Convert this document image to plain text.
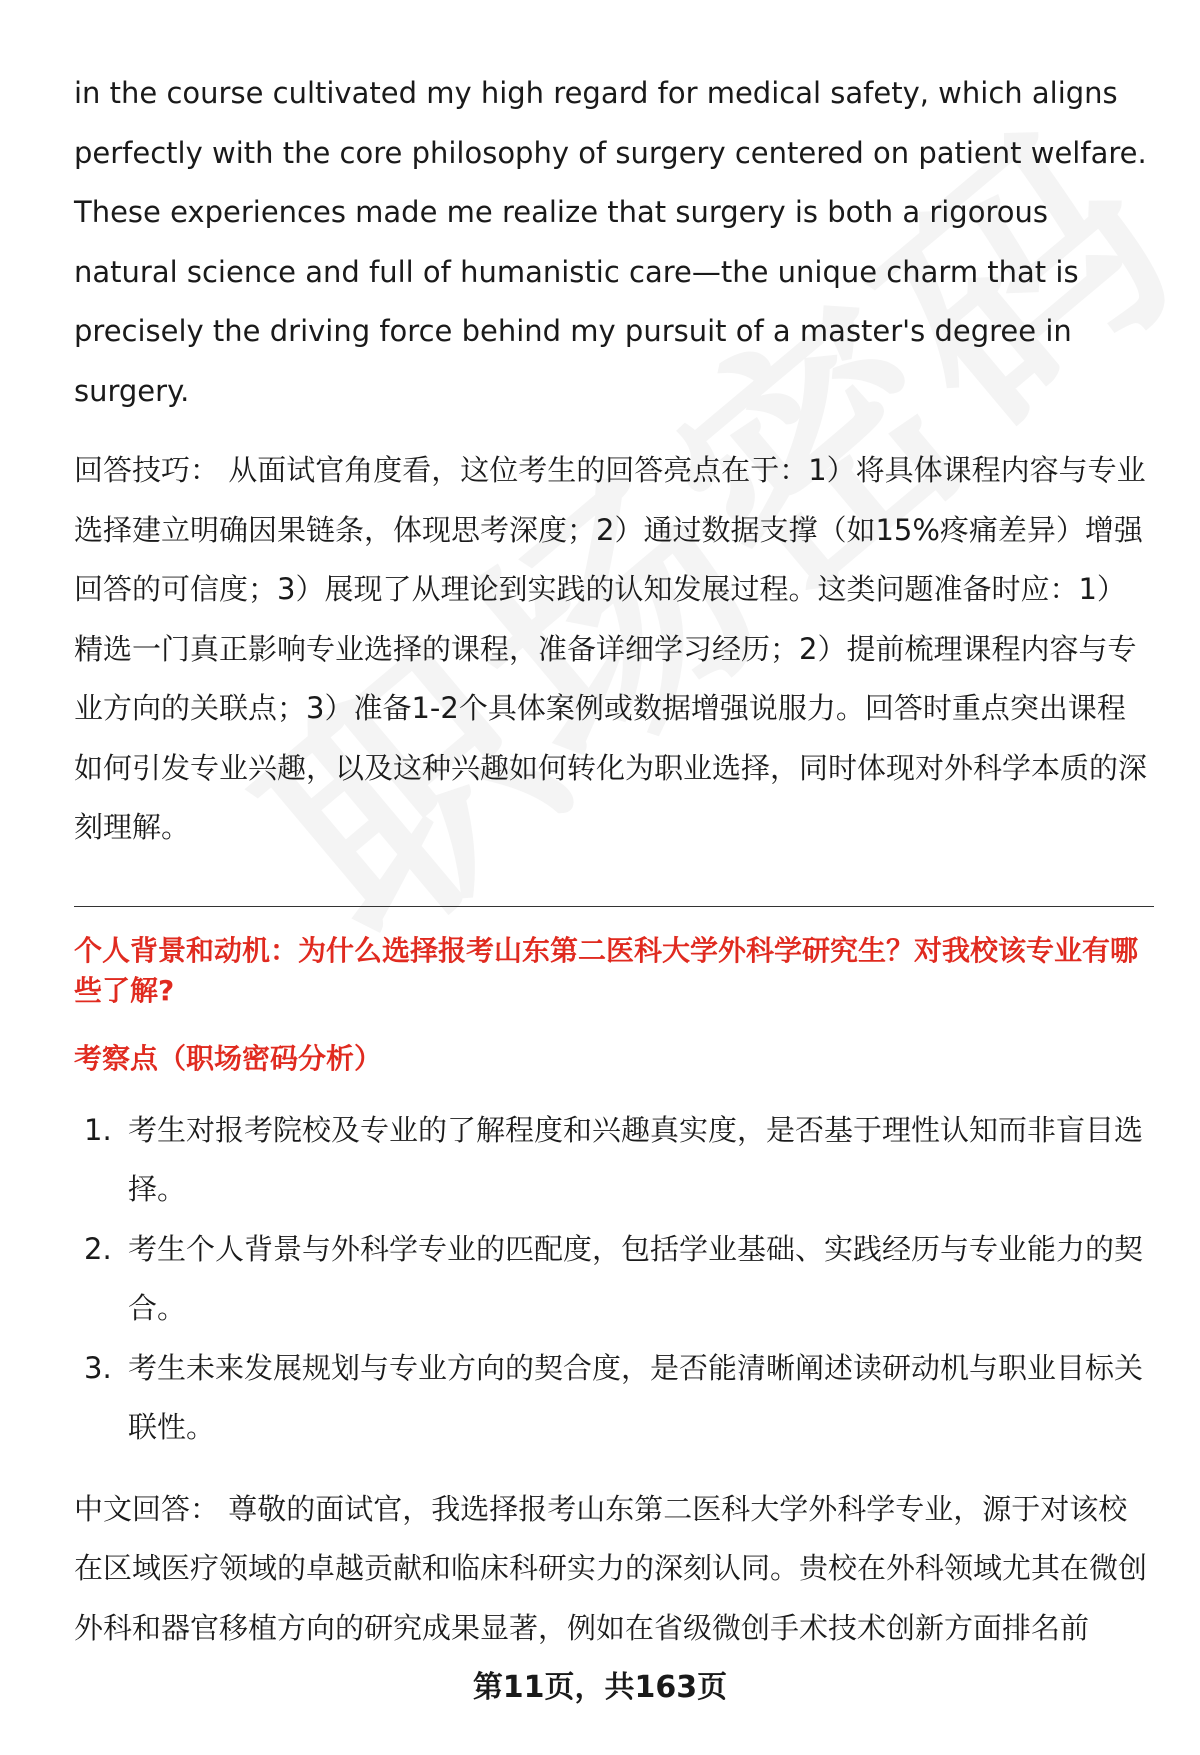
in the course cultivated my high regard for medical safety, which aligns perfectly with the core philosophy of surgery centered on patient welfare. These experiences made me realize that surgery is both a rigorous natural science and full of humanistic care—the unique charm that is precisely the driving force behind my pursuit of a master's degree in surgery.

回答技巧： 从面试官角度看，这位考生的回答亮点在于：1）将具体课程内容与专业选择建立明确因果链条，体现思考深度；2）通过数据支撑（如15%疼痛差异）增强回答的可信度；3）展现了从理论到实践的认知发展过程。这类问题准备时应：1）精选一门真正影响专业选择的课程，准备详细学习经历；2）提前梳理课程内容与专业方向的关联点；3）准备1-2个具体案例或数据增强说服力。回答时重点突出课程如何引发专业兴趣，以及这种兴趣如何转化为职业选择，同时体现对外科学本质的深刻理解。

个人背景和动机：为什么选择报考山东第二医科大学外科学研究生？对我校该专业有哪些了解?

考察点（职场密码分析）

1. 考生对报考院校及专业的了解程度和兴趣真实度，是否基于理性认知而非盲目选择。
2. 考生个人背景与外科学专业的匹配度，包括学业基础、实践经历与专业能力的契合。
3. 考生未来发展规划与专业方向的契合度，是否能清晰阐述读研动机与职业目标关联性。

中文回答： 尊敬的面试官，我选择报考山东第二医科大学外科学专业，源于对该校在区域医疗领域的卓越贡献和临床科研实力的深刻认同。贵校在外科领域尤其在微创外科和器官移植方向的研究成果显著，例如在省级微创手术技术创新方面排名前

第11页，共163页
